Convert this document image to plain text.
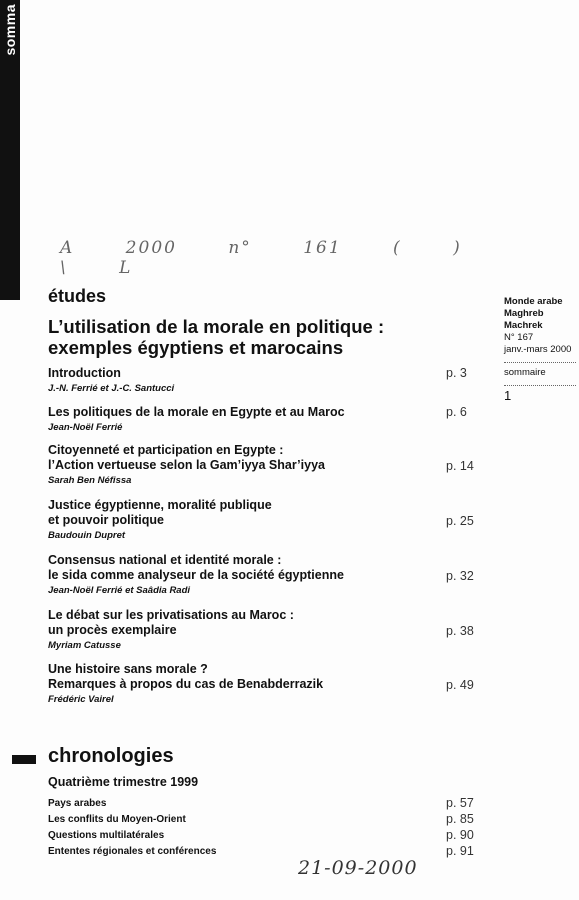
somma
A 2000 n° 161 ( ) \ L
Monde arabe
Maghreb
Machrek
N° 167
janv.-mars 2000
sommaire
1
études
L’utilisation de la morale en politique :
exemples égyptiens et marocains
Introduction
J.-N. Ferrié et J.-C. Santucci
p. 3
Les politiques de la morale en Egypte et au Maroc
Jean-Noël Ferrié
p. 6
Citoyenneté et participation en Egypte :
l’Action vertueuse selon la Gam’iyya Shar’iyya
Sarah Ben Néfissa
p. 14
Justice égyptienne, moralité publique
et pouvoir politique
Baudouin Dupret
p. 25
Consensus national et identité morale :
le sida comme analyseur de la société égyptienne
Jean-Noël Ferrié et Saâdia Radi
p. 32
Le débat sur les privatisations au Maroc :
un procès exemplaire
Myriam Catusse
p. 38
Une histoire sans morale ?
Remarques à propos du cas de Benabderrazik
Frédéric Vairel
p. 49
chronologies
Quatrième trimestre 1999
Pays arabes	p. 57
Les conflits du Moyen-Orient	p. 85
Questions multilatérales	p. 90
Ententes régionales et conférences	p. 91
21-09-2000
